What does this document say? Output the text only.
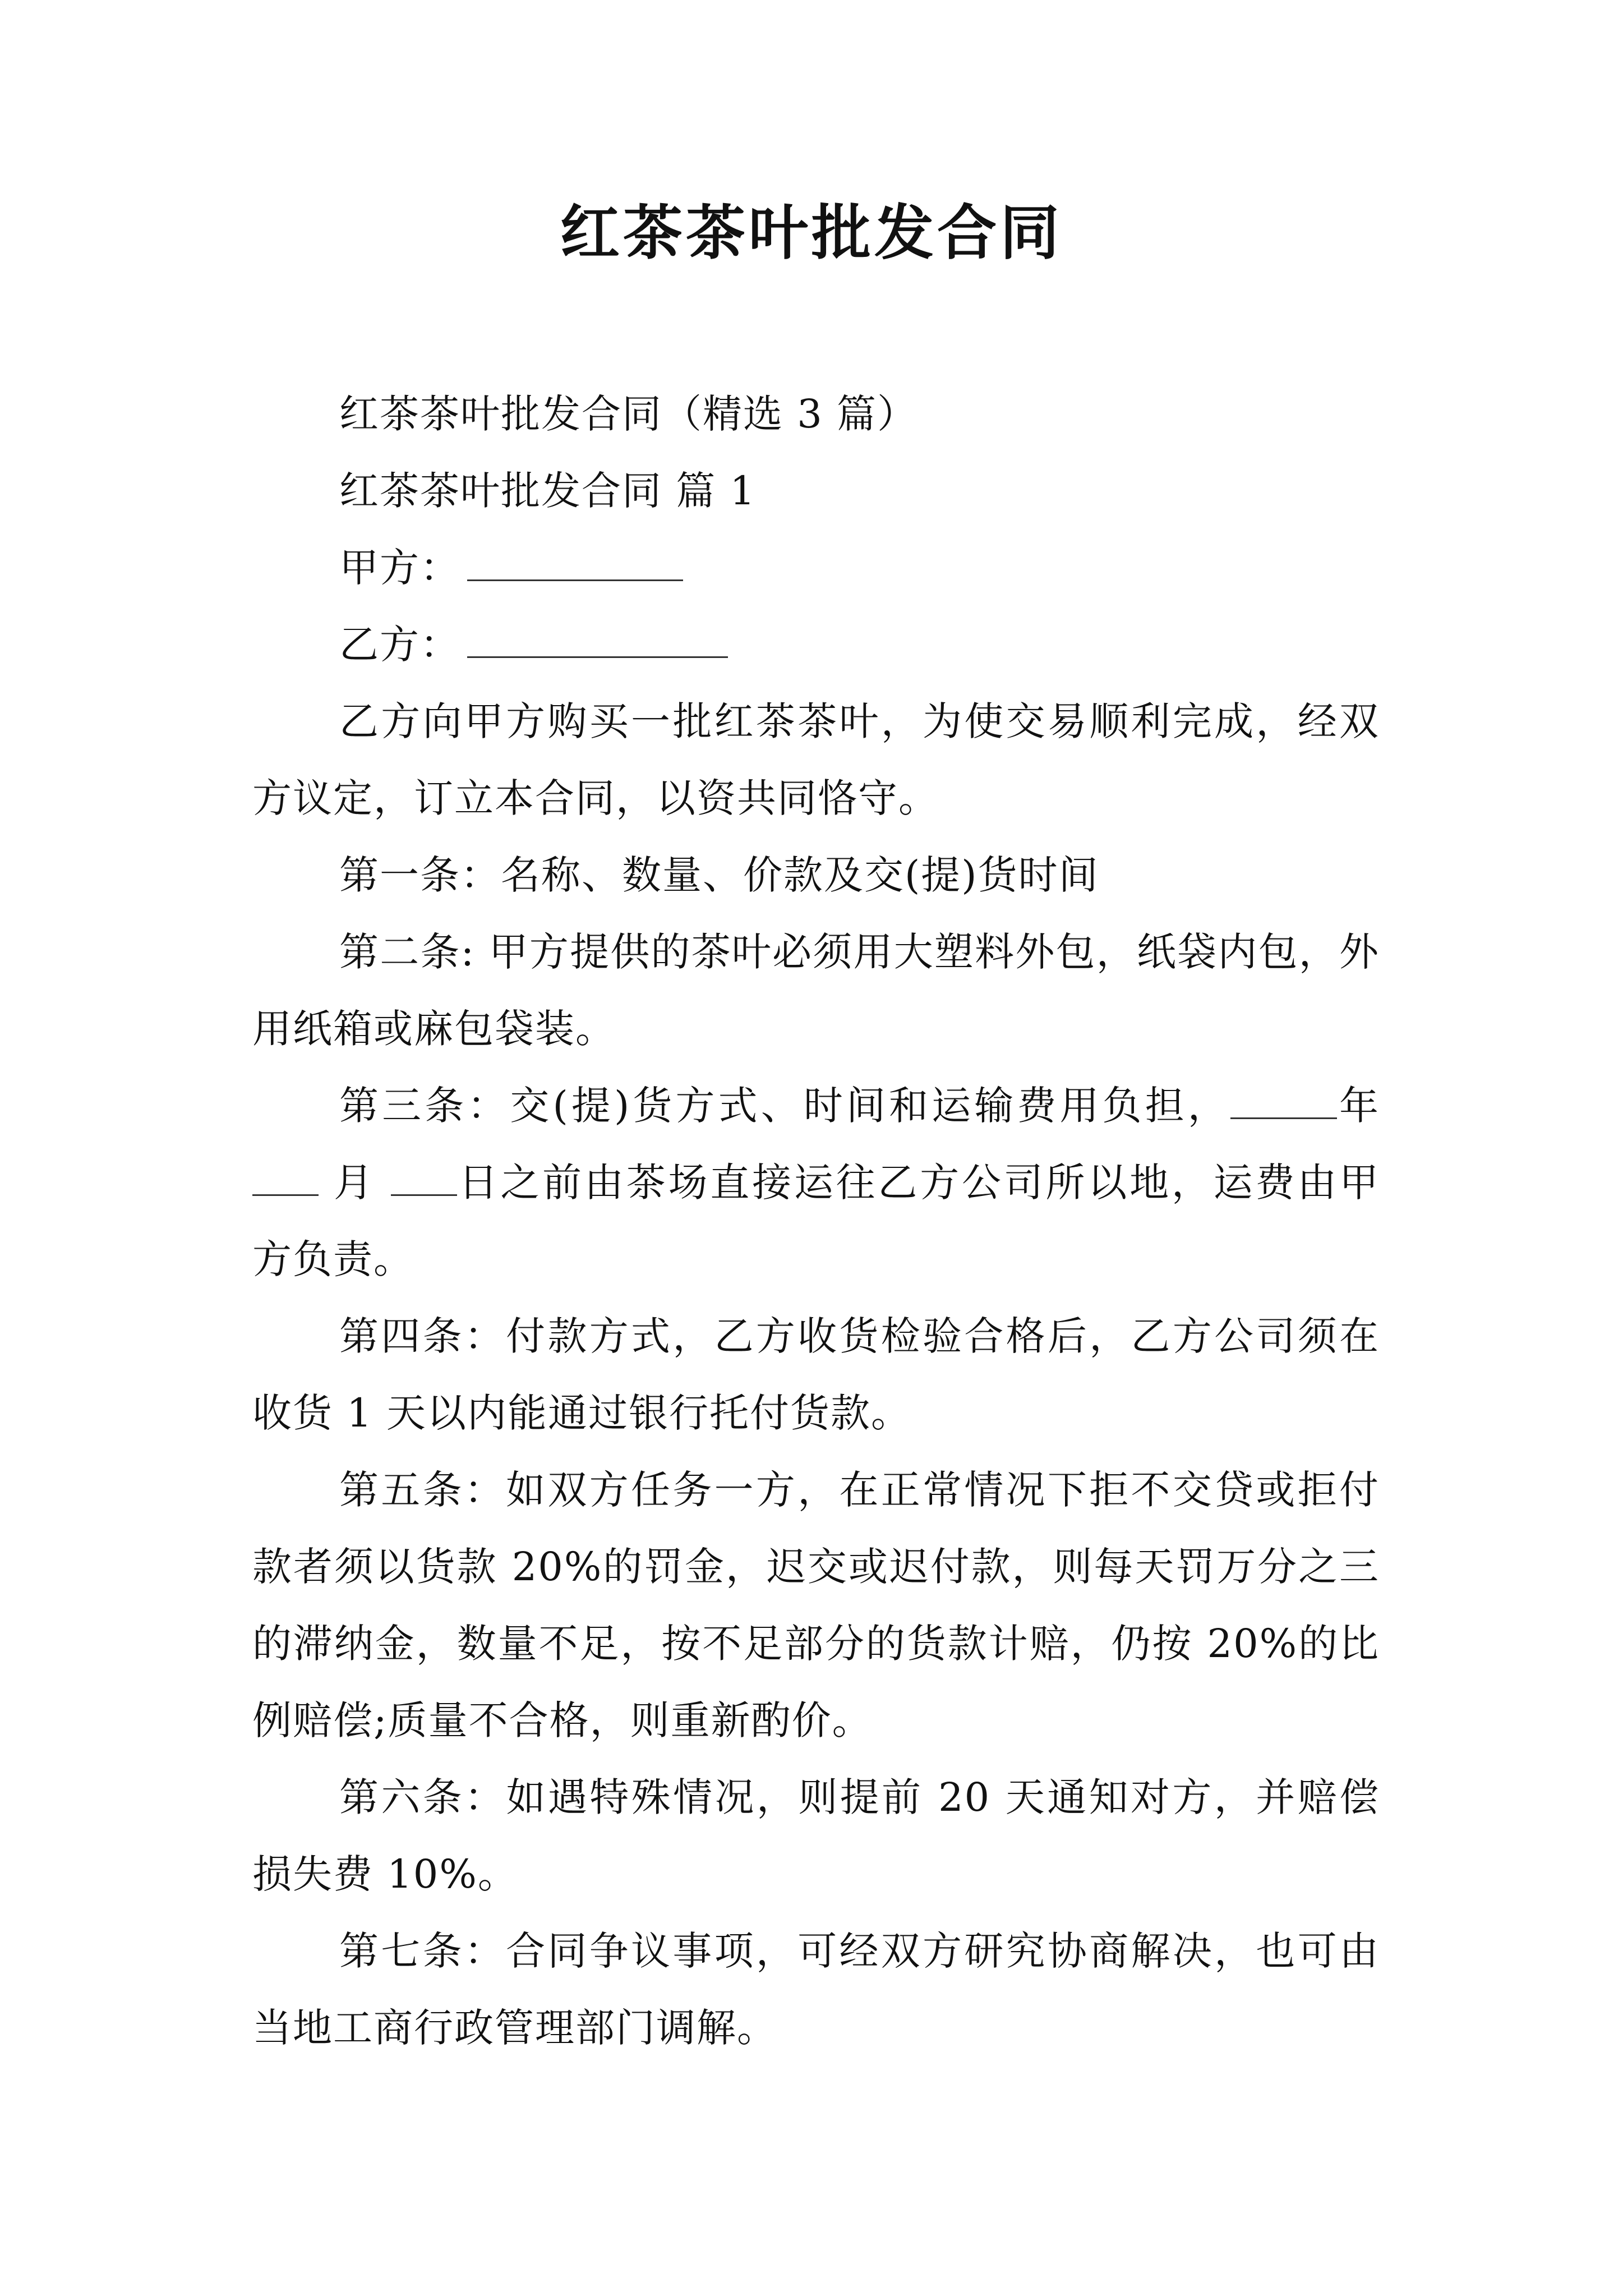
红茶茶叶批发合同

红茶茶叶批发合同（精选 3 篇）

红茶茶叶批发合同 篇 1

甲方：

乙方：

乙方向甲方购买一批红茶茶叶，为使交易顺利完成，经双方议定，订立本合同，以资共同恪守。

第一条：名称、数量、价款及交(提)货时间

第二条: 甲方提供的茶叶必须用大塑料外包，纸袋内包，外用纸箱或麻包袋装。

第三条：交(提)货方式、时间和运输费用负担，	年 月 日之前由茶场直接运往乙方公司所以地，运费由甲方负责。

第四条：付款方式，乙方收货检验合格后，乙方公司须在收货 1 天以内能通过银行托付货款。

第五条：如双方任务一方，在正常情况下拒不交贷或拒付款者须以货款 20%的罚金，迟交或迟付款，则每天罚万分之三的滞纳金，数量不足，按不足部分的货款计赔，仍按 20%的比例赔偿;质量不合格，则重新酌价。

第六条：如遇特殊情况，则提前 20 天通知对方，并赔偿损失费 10%。

第七条：合同争议事项，可经双方研究协商解决，也可由当地工商行政管理部门调解。
